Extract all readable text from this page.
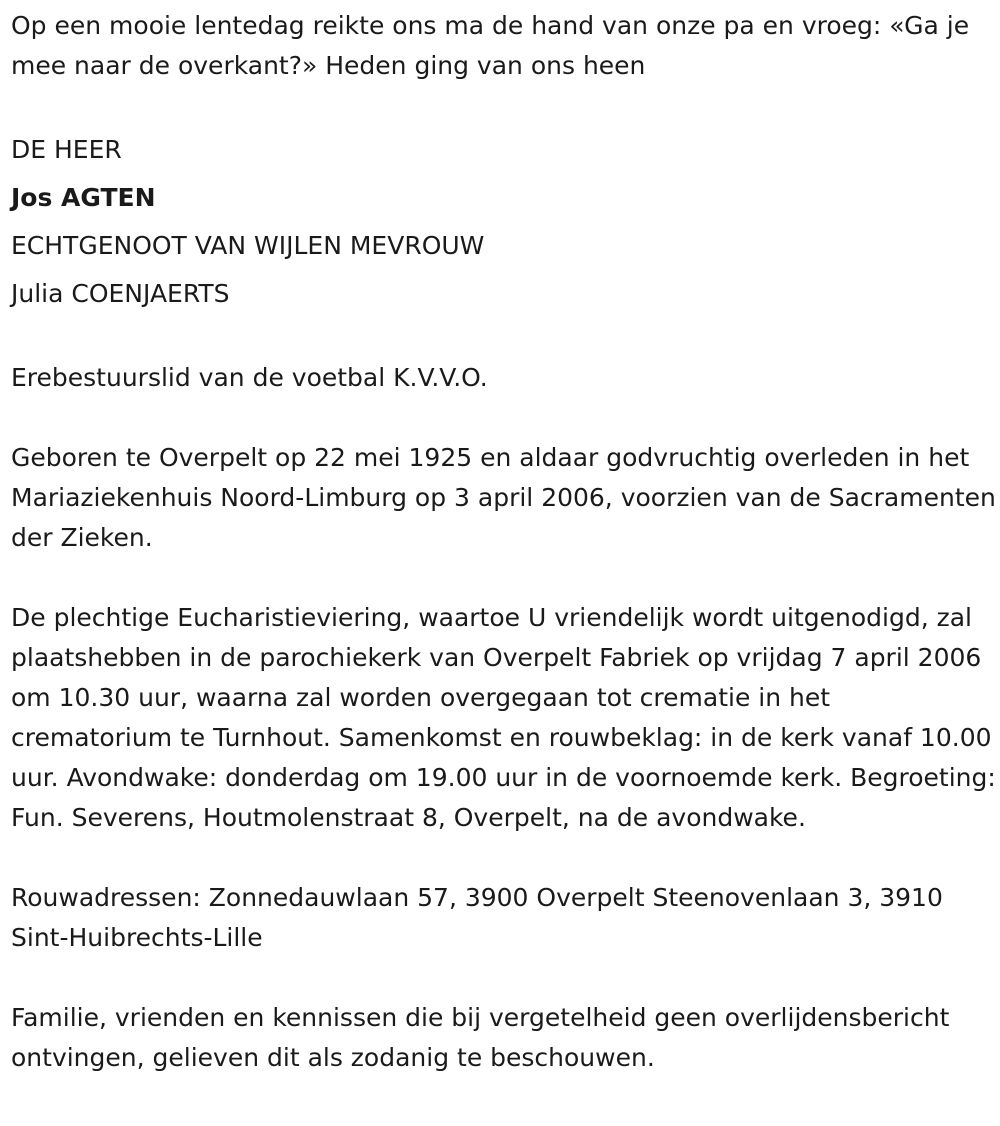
Op een mooie lentedag reikte ons ma de hand van onze pa en vroeg: «Ga je mee naar de overkant?» Heden ging van ons heen

DE HEER
Jos AGTEN
ECHTGENOOT VAN WIJLEN MEVROUW
Julia COENJAERTS

Erebestuurslid van de voetbal K.V.V.O.

Geboren te Overpelt op 22 mei 1925 en aldaar godvruchtig overleden in het Mariaziekenhuis Noord-Limburg op 3 april 2006, voorzien van de Sacramenten der Zieken.

De plechtige Eucharistieviering, waartoe U vriendelijk wordt uitgenodigd, zal plaatshebben in de parochiekerk van Overpelt Fabriek op vrijdag 7 april 2006 om 10.30 uur, waarna zal worden overgegaan tot crematie in het crematorium te Turnhout. Samenkomst en rouwbeklag: in de kerk vanaf 10.00 uur. Avondwake: donderdag om 19.00 uur in de voornoemde kerk. Begroeting: Fun. Severens, Houtmolenstraat 8, Overpelt, na de avondwake.

Rouwadressen: Zonnedauwlaan 57, 3900 Overpelt Steenovenlaan 3, 3910 Sint-Huibrechts-Lille

Familie, vrienden en kennissen die bij vergetelheid geen overlijdensbericht ontvingen, gelieven dit als zodanig te beschouwen.
